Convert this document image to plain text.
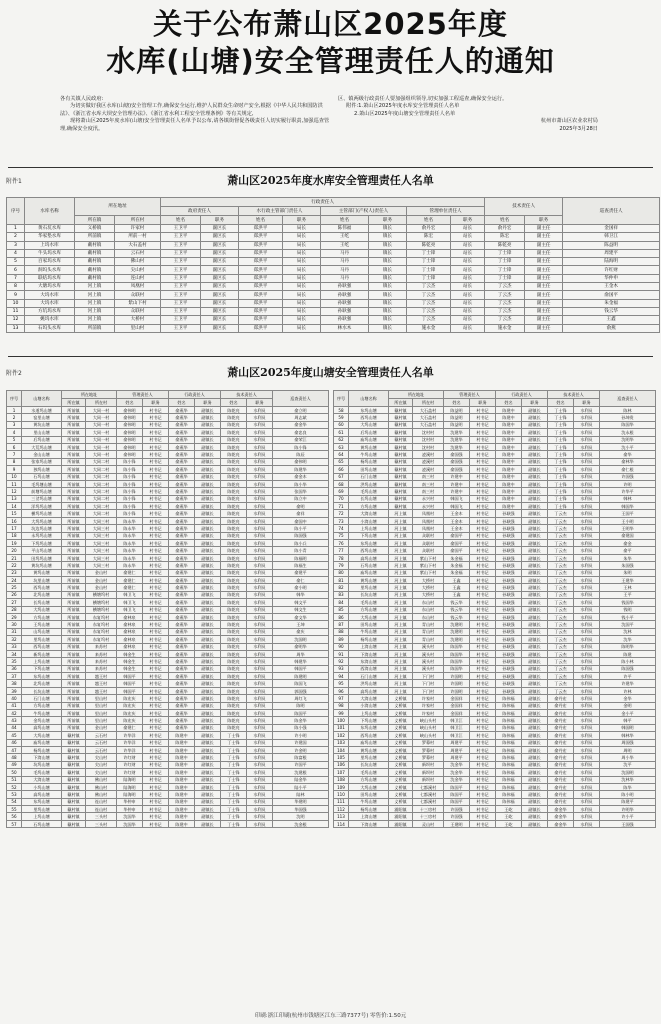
关于公布萧山区2025年度
水库(山塘)安全管理责任人的通知

各有关镇人民政府:

为切实做好我区水库(山塘)安全管理工作,确保安全运行,维护人民群众生命财产安全,根据《中华人民共和国防洪法》、《浙江省水库大坝安全管理办法》、《浙江省水利工程安全管理条例》等有关规定,

现将萧山区2025年度水库(山塘)安全管理责任人名单予以公布,请各镇街督促各级责任人切实履行职责,加强巡查管理,确保安全度汛。

区、镇两级行政责任人要加强组织领导,切实加强工程巡查,确保安全运行。

附件:1.萧山区2025年度水库安全管理责任人名单

2.萧山区2025年度山塘安全管理责任人名单

杭州市萧山区农业农村局

2025年3月28日

附件1	萧山区2025年度水库安全管理责任人名单
序号	水库名称	所在地址		行政责任人								技术责任人		巡查责任人
				政府责任人		水行政主管部门责任人		主管部门(产权人)责任人		管理单位责任人				
		所在镇	所在村	姓名	职务	姓名	职务	姓名	职务	姓名	职务	姓名	职务	
1	黄石坑水库	义桥镇	许家村	王卫平	副区长	郑洪平	局长	陈伟福	镇长	俞丹宏	站长	俞丹宏	副主任	金国祥
2	华家垫水库	所前镇	所前一村	王卫平	副区长	郑洪平	局长	王屹	镇长	陈宏	站长	陈宏	副主任	韩卫江
3	上坞水库	戴村镇	大石盖村	王卫平	副区长	郑洪平	局长	王屹	镇长	陈乾亮	站长	陈乾亮	副主任	陈益明
4	牛头坞水库	戴村镇	云石村	王卫平	副区长	郑洪平	局长	马丹	镇长	丁士锋	站长	丁士锋	副主任	周建平
5	百家坞水库	戴村镇	佛山村	王卫平	副区长	郑洪平	局长	马丹	镇长	丁士锋	站长	丁士锋	副主任	陆海明
6	洞坞头水库	戴村镇	尖山村	王卫平	副区长	郑洪平	局长	马丹	镇长	丁士锋	站长	丁士锋	副主任	许红财
7	联结坞水库	戴村镇	连山村	王卫平	副区长	郑洪平	局长	马丹	镇长	丁士锋	站长	丁士锋	副主任	华仲申
8	大塘坞水库	河上镇	凤凰村	王卫平	副区长	郑洪平	局长	孙耿强	镇长	丁云杰	站长	丁云杰	副主任	王金木
9	大坞水库	河上镇	众联村	王卫平	副区长	郑洪平	局长	孙耿强	镇长	丁云杰	站长	丁云杰	副主任	俞国平
10	大坞水库	河上镇	紫山下村	王卫平	副区长	郑洪平	局长	孙耿强	镇长	丁云杰	站长	丁云杰	副主任	朱金福
11	方坑坞水库	河上镇	众联村	王卫平	副区长	郑洪平	局长	孙耿强	镇长	丁云杰	站长	丁云杰	副主任	钱云华
12	姚坞水库	河上镇	大桥村	王卫平	副区长	郑洪平	局长	孙耿强	镇长	丁云杰	站长	丁云杰	副主任	王鑫
13	石坞头水库	所前镇	里山村	王卫平	副区长	郑洪平	局长	林水木	镇长	施永金	站长	施永金	副主任	俞燕
附件2	萧山区2025年度山塘安全管理责任人名单
序号	山塘名称	所在地址		管理责任人		行政责任人		技术责任人		巡查责任人
		所在镇	所在村	姓名	职务	姓名	职务	姓名	职务	
1	水道坞山塘	所前镇	大同一村	俞伟明	村书记	俞燕华	副镇长	陈乾亮	水利员	俞立明
2	窑里山塘	所前镇	大同一村	俞伟明	村书记	俞燕华	副镇长	陈乾亮	水利员	周志斌
3	黄坑山塘	所前镇	大同一村	俞伟明	村书记	俞燕华	副镇长	陈乾亮	水利员	俞金华
4	里山山塘	所前镇	大同一村	俞伟明	村书记	俞燕华	副镇长	陈乾亮	水利员	俞忠良
5	后坞山塘	所前镇	大同一村	俞伟明	村书记	俞燕华	副镇长	陈乾亮	水利员	俞荣江
6	大荒坞山塘	所前镇	大同一村	俞伟明	村书记	俞燕华	副镇长	陈乾亮	水利员	陈小锋
7	金山山塘	所前镇	大同一村	俞伟明	村书记	俞燕华	副镇长	陈乾亮	水利员	陈辰
8	张家坞山塘	所前镇	大同二村	陈小锋	村书记	俞燕华	副镇长	陈乾亮	水利员	俞伟明
9	独坞山塘	所前镇	大同二村	陈小锋	村书记	俞燕华	副镇长	陈乾亮	水利员	陈建华
10	石坞山塘	所前镇	大同二村	陈小锋	村书记	俞燕华	副镇长	陈乾亮	水利员	俞金木
11	毛坞塘山塘	所前镇	大同二村	陈小锋	村书记	俞燕华	副镇长	陈乾亮	水利员	陈小华
12	前塘坞山塘	所前镇	大同二村	陈小锋	村书记	俞燕华	副镇长	陈乾亮	水利员	张国华
13	三岔坞山塘	所前镇	大同二村	陈小锋	村书记	俞燕华	副镇长	陈乾亮	水利员	陈立中
14	洋坞坞山塘	所前镇	大同二村	陈小锋	村书记	俞燕华	副镇长	陈乾亮	水利员	俞明
15	横坞坞山塘	所前镇	大同二村	陈小锋	村书记	俞燕华	副镇长	陈乾亮	水利员	俞祥
16	大坞坞山塘	所前镇	大同三村	陈永华	村书记	俞燕华	副镇长	陈乾亮	水利员	俞国中
17	坑边坞山塘	所前镇	大同三村	陈永华	村书记	俞燕华	副镇长	陈乾亮	水利员	陈小平
18	永坞坞山塘	所前镇	大同三村	陈永华	村书记	俞燕华	副镇长	陈乾亮	水利员	陈国强
19	下坞坞山塘	所前镇	大同三村	陈永华	村书记	俞燕华	副镇长	陈乾亮	水利员	陈小兵
20	平山坞山塘	所前镇	大同三村	陈永华	村书记	俞燕华	副镇长	陈乾亮	水利员	陈小青
21	田坞坞山塘	所前镇	大同三村	陈永华	村书记	俞燕华	副镇长	陈乾亮	水利员	陈福明
22	黄坑坞山塘	所前镇	大同三村	陈永华	村书记	俞燕华	副镇长	陈乾亮	水利员	陈福生
23	黄坞山塘	所前镇	金山村	俞建仁	村书记	俞燕华	副镇长	陈乾亮	水利员	俞建平
24	坑里山塘	所前镇	金山村	俞建仁	村书记	俞燕华	副镇长	陈乾亮	水利员	俞仁
25	西坞山塘	所前镇	金山村	俞建仁	村书记	俞燕华	副镇长	陈乾亮	水利员	俞小明
26	北坞山塘	所前镇	横塘坞村	韩卫飞	村书记	俞燕华	副镇长	陈乾亮	水利员	韩华
27	长坞山塘	所前镇	横塘坞村	韩卫飞	村书记	俞燕华	副镇长	陈乾亮	水利员	韩文平
28	大坞山塘	所前镇	横塘坞村	韩卫飞	村书记	俞燕华	副镇长	陈乾亮	水利员	韩文生
29	方坞山塘	所前镇	东复坞村	俞林泉	村书记	俞燕华	副镇长	陈乾亮	水利员	俞文华
30	王坞山塘	所前镇	东复坞村	俞林泉	村书记	俞燕华	副镇长	陈乾亮	水利员	王坤
31	山坞山塘	所前镇	东复坞村	俞林泉	村书记	俞燕华	副镇长	陈乾亮	水利员	俞庆
32	里坞山塘	所前镇	东复坞村	俞林泉	村书记	俞燕华	副镇长	陈乾亮	水利员	沈国明
33	西坞山塘	所前镇	来苏村	俞林泉	村书记	俞燕华	副镇长	陈乾亮	水利员	俞明华
34	新坞山塘	所前镇	来苏村	韩金生	村书记	俞燕华	副镇长	陈乾亮	水利员	周华
35	上坞山塘	所前镇	来苏村	韩金生	村书记	俞燕华	副镇长	陈乾亮	水利员	韩建华
36	下坞山塘	所前镇	来苏村	韩金生	村书记	俞燕华	副镇长	陈乾亮	水利员	韩国平
37	东坞山塘	所前镇	越王村	韩国平	村书记	俞燕华	副镇长	陈乾亮	水利员	陈建明
38	北坞山塘	所前镇	越王村	韩国平	村书记	俞燕华	副镇长	陈乾亮	水利员	陈国飞
39	长坑山塘	所前镇	越王村	韩国平	村书记	俞燕华	副镇长	陈乾亮	水利员	郭国强
40	石门山塘	所前镇	里山村	陈宏庆	村书记	俞燕华	副镇长	陈乾亮	水利员	周红飞
41	方坞山塘	所前镇	里山村	陈宏庆	村书记	俞燕华	副镇长	陈乾亮	水利员	陈明
42	牛坞山塘	所前镇	里山村	陈宏庆	村书记	俞燕华	副镇长	陈乾亮	水利员	陈国平
43	金坞山塘	所前镇	里山村	陈宏庆	村书记	俞燕华	副镇长	陈乾亮	水利员	陈金华
44	高坞山塘	所前镇	金山村	俞建仁	村书记	俞燕华	副镇长	陈乾亮	水利员	陈小强
45	大坞山塘	戴村镇	云石村	许华洋	村书记	陈建中	副镇长	丁士锋	水利员	许小明
46	庙坞山塘	戴村镇	云石村	许华洋	村书记	陈建中	副镇长	丁士锋	水利员	许建国
47	杨坞山塘	戴村镇	云石村	许华洋	村书记	陈建中	副镇长	丁士锋	水利员	许金明
48	下湾山塘	戴村镇	尖山村	许红财	村书记	陈建中	副镇长	丁士锋	水利员	陈富根
49	坑坞山塘	戴村镇	尖山村	许红财	村书记	陈建中	副镇长	丁士锋	水利员	许国平
50	毛坞山塘	戴村镇	尖山村	许红财	村书记	陈建中	副镇长	丁士锋	水利员	沈建根
51	大湾山塘	戴村镇	佛山村	陆海明	村书记	陈建中	副镇长	丁士锋	水利员	陆金华
52	小坞山塘	戴村镇	佛山村	陆海明	村书记	陈建中	副镇长	丁士锋	水利员	陆小平
53	高坞山塘	戴村镇	佛山村	陆海明	村书记	陈建中	副镇长	丁士锋	水利员	陆林
54	东坞山塘	戴村镇	连山村	华仲申	村书记	陈建中	副镇长	丁士锋	水利员	华建明
55	里坞山塘	戴村镇	连山村	华仲申	村书记	陈建中	副镇长	丁士锋	水利员	华国强
56	上坞山塘	戴村镇	三头村	沈国华	村书记	陈建中	副镇长	丁士锋	水利员	沈明
57	石坞山塘	戴村镇	三头村	沈国华	村书记	陈建中	副镇长	丁士锋	水利员	沈金根
序号	山塘名称	所在地址		管理责任人		行政责任人		技术责任人		巡查责任人
		所在镇	所在村	姓名	职务	姓名	职务	姓名	职务	
58	东坞山塘	戴村镇	大石盖村	陈益明	村书记	陈建中	副镇长	丁士锋	水利员	陈林
59	西坞山塘	戴村镇	大石盖村	陈益明	村书记	陈建中	副镇长	丁士锋	水利员	孙坤贵
60	大坞山塘	戴村镇	大石盖村	陈益明	村书记	陈建中	副镇长	丁士锋	水利员	陈国华
61	后坞山塘	戴村镇	沈村村	沈建华	村书记	陈建中	副镇长	丁士锋	水利员	沈永根
62	庙坞山塘	戴村镇	沈村村	沈建华	村书记	陈建中	副镇长	丁士锋	水利员	沈明华
63	黄坞山塘	戴村镇	沈村村	沈建华	村书记	陈建中	副镇长	丁士锋	水利员	沈小平
64	牛坞山塘	戴村镇	凌溪村	俞国强	村书记	陈建中	副镇长	丁士锋	水利员	俞华
65	杨坞山塘	戴村镇	凌溪村	俞国强	村书记	陈建中	副镇长	丁士锋	水利员	俞林华
66	田坞山塘	戴村镇	凌溪村	俞国强	村书记	陈建中	副镇长	丁士锋	水利员	俞仁根
67	石门山塘	戴村镇	南三村	许建中	村书记	陈建中	副镇长	丁士锋	水利员	许国强
68	洪坞山塘	戴村镇	南三村	许建中	村书记	陈建中	副镇长	丁士锋	水利员	许明
69	毛坞山塘	戴村镇	南三村	许建中	村书记	陈建中	副镇长	丁士锋	水利员	许华平
70	长坞山塘	戴村镇	永兴村	韩国飞	村书记	陈建中	副镇长	丁士锋	水利员	韩林
71	方坞山塘	戴村镇	永兴村	韩国飞	村书记	陈建中	副镇长	丁士锋	水利员	韩国华
72	大湾山塘	河上镇	凤凰村	王金木	村书记	孙耿强	副镇长	丁云杰	水利员	王国平
73	小湾山塘	河上镇	凤凰村	王金木	村书记	孙耿强	副镇长	丁云杰	水利员	王小明
74	上坞山塘	河上镇	凤凰村	王金木	村书记	孙耿强	副镇长	丁云杰	水利员	王明华
75	下坞山塘	河上镇	众联村	俞国平	村书记	孙耿强	副镇长	丁云杰	水利员	俞建国
76	东坞山塘	河上镇	众联村	俞国平	村书记	孙耿强	副镇长	丁云杰	水利员	俞金
77	西坞山塘	河上镇	众联村	俞国平	村书记	孙耿强	副镇长	丁云杰	水利员	俞平
78	高坞山塘	河上镇	紫山下村	朱金福	村书记	孙耿强	副镇长	丁云杰	水利员	朱华
79	石坞山塘	河上镇	紫山下村	朱金福	村书记	孙耿强	副镇长	丁云杰	水利员	朱国强
80	庙坞山塘	河上镇	紫山下村	朱金福	村书记	孙耿强	副镇长	丁云杰	水利员	朱明
81	黄坞山塘	河上镇	大桥村	王鑫	村书记	孙耿强	副镇长	丁云杰	水利员	王建华
82	里坞山塘	河上镇	大桥村	王鑫	村书记	孙耿强	副镇长	丁云杰	水利员	王林
83	长坑山塘	河上镇	大桥村	王鑫	村书记	孙耿强	副镇长	丁云杰	水利员	王平
84	毛坞山塘	河上镇	东山村	钱云华	村书记	孙耿强	副镇长	丁云杰	水利员	钱国华
85	方坞山塘	河上镇	东山村	钱云华	村书记	孙耿强	副镇长	丁云杰	水利员	钱明
86	大坞山塘	河上镇	东山村	钱云华	村书记	孙耿强	副镇长	丁云杰	水利员	钱小平
87	田坞山塘	河上镇	青山村	沈建明	村书记	孙耿强	副镇长	丁云杰	水利员	沈国平
88	牛坞山塘	河上镇	青山村	沈建明	村书记	孙耿强	副镇长	丁云杰	水利员	沈林
89	杨坞山塘	河上镇	青山村	沈建明	村书记	孙耿强	副镇长	丁云杰	水利员	沈华
90	上湾山塘	河上镇	溪头村	陈国华	村书记	孙耿强	副镇长	丁云杰	水利员	陈明华
91	下湾山塘	河上镇	溪头村	陈国华	村书记	孙耿强	副镇长	丁云杰	水利员	陈建
92	东湾山塘	河上镇	溪头村	陈国华	村书记	孙耿强	副镇长	丁云杰	水利员	陈小林
93	西湾山塘	河上镇	溪头村	陈国华	村书记	孙耿强	副镇长	丁云杰	水利员	陈国强
94	石门山塘	河上镇	下门村	许国明	村书记	孙耿强	副镇长	丁云杰	水利员	许平
95	洪坞山塘	河上镇	下门村	许国明	村书记	孙耿强	副镇长	丁云杰	水利员	许建华
96	高坞山塘	河上镇	下门村	许国明	村书记	孙耿强	副镇长	丁云杰	水利员	许林
97	大湾山塘	义桥镇	许家村	金国祥	村书记	陈伟福	副镇长	俞丹宏	水利员	金华
98	小湾山塘	义桥镇	许家村	金国祥	村书记	陈伟福	副镇长	俞丹宏	水利员	金明
99	上坞山塘	义桥镇	许家村	金国祥	村书记	陈伟福	副镇长	俞丹宏	水利员	金小平
100	下坞山塘	义桥镇	峡山头村	韩卫江	村书记	陈伟福	副镇长	俞丹宏	水利员	韩平
101	东坞山塘	义桥镇	峡山头村	韩卫江	村书记	陈伟福	副镇长	俞丹宏	水利员	韩国明
102	西坞山塘	义桥镇	峡山头村	韩卫江	村书记	陈伟福	副镇长	俞丹宏	水利员	韩林华
103	庙坞山塘	义桥镇	罗幕村	周建平	村书记	陈伟福	副镇长	俞丹宏	水利员	周国强
104	黄坞山塘	义桥镇	罗幕村	周建平	村书记	陈伟福	副镇长	俞丹宏	水利员	周明
105	里坞山塘	义桥镇	罗幕村	周建平	村书记	陈伟福	副镇长	俞丹宏	水利员	周小华
106	长坑山塘	义桥镇	新坝村	沈金华	村书记	陈伟福	副镇长	俞丹宏	水利员	沈平
107	毛坞山塘	义桥镇	新坝村	沈金华	村书记	陈伟福	副镇长	俞丹宏	水利员	沈国明
108	方坞山塘	义桥镇	新坝村	沈金华	村书记	陈伟福	副镇长	俞丹宏	水利员	沈林华
109	大坞山塘	义桥镇	七都溪村	陈国平	村书记	陈伟福	副镇长	俞丹宏	水利员	陈华
110	田坞山塘	义桥镇	七都溪村	陈国平	村书记	陈伟福	副镇长	俞丹宏	水利员	陈小明
111	牛坞山塘	义桥镇	七都溪村	陈国平	村书记	陈伟福	副镇长	俞丹宏	水利员	陈建平
112	杨坞山塘	浦阳镇	十三房村	许国强	村书记	王屹	副镇长	俞金华	水利员	许明华
113	上湾山塘	浦阳镇	十三房村	许国强	村书记	王屹	副镇长	俞金华	水利员	许小平
114	下湾山塘	浦阳镇	灵山村	王建明	村书记	王屹	副镇长	俞金华	水利员	王国强
印刷:浙江印刷(杭州市钱塘区江东三路7377号) 零售价:1.50元
